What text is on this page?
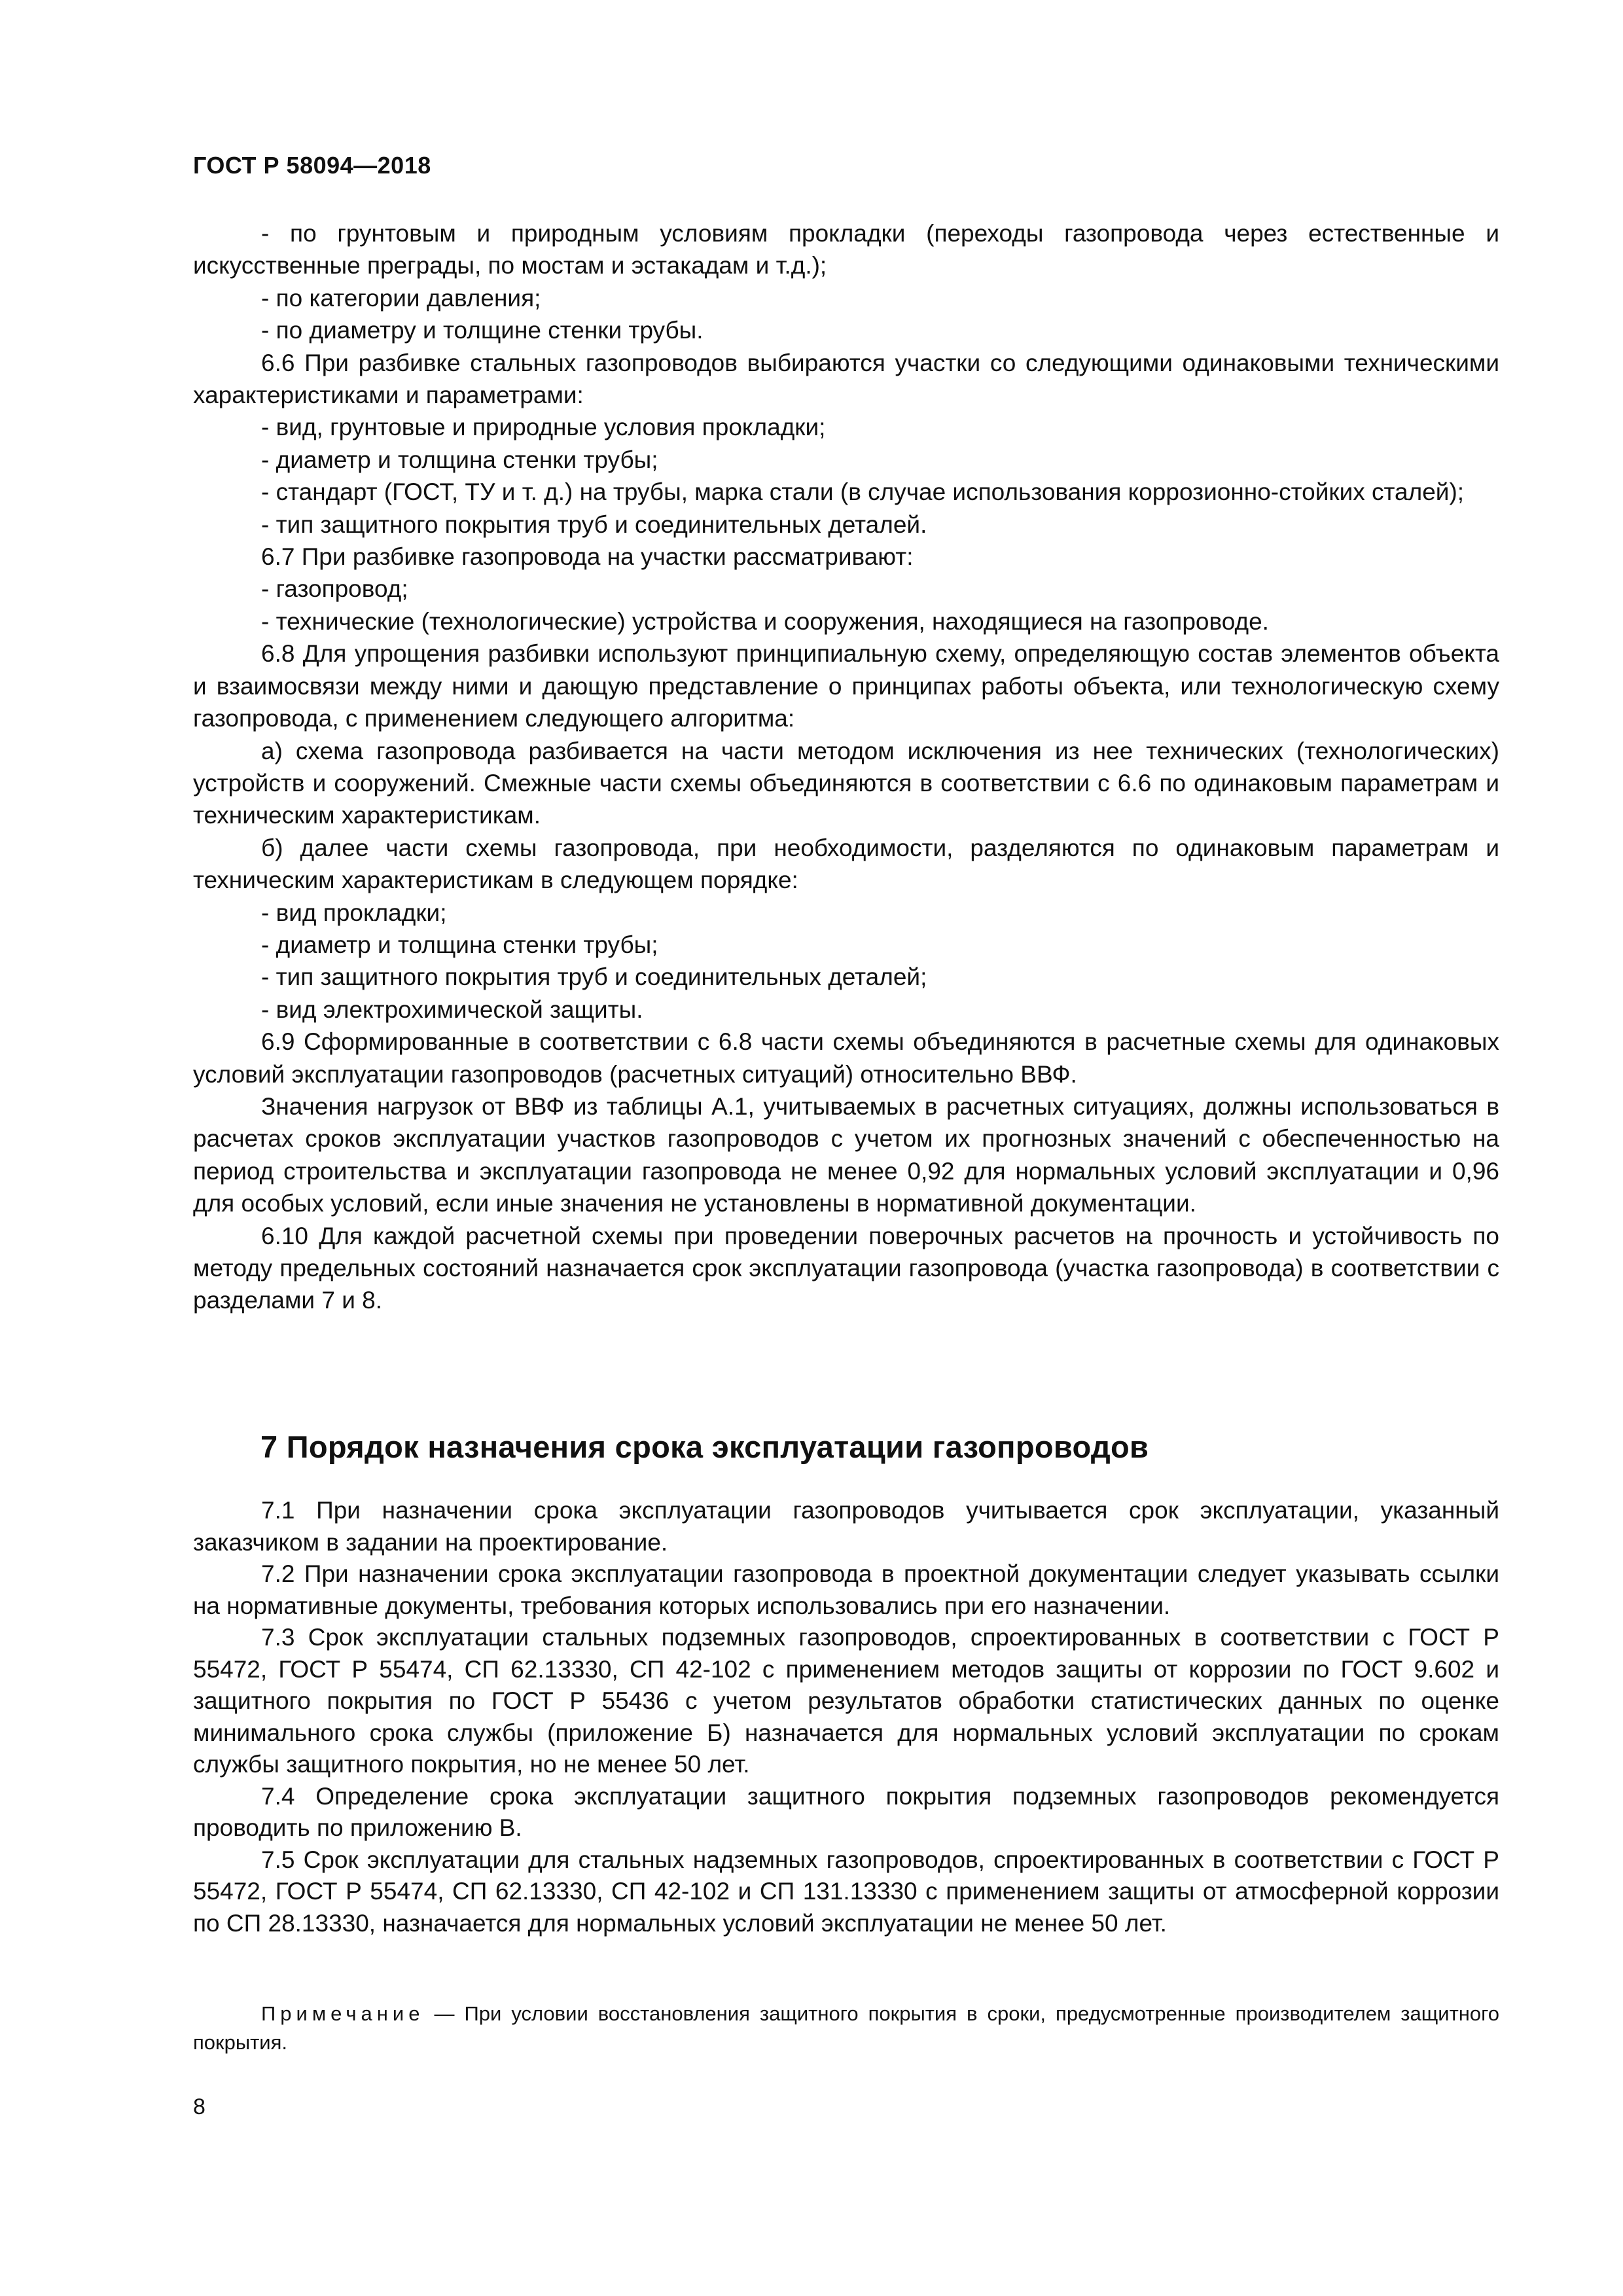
ГОСТ Р 58094—2018

- по грунтовым и природным условиям прокладки (переходы газопровода через естественные и искусственные преграды, по мостам и эстакадам и т.д.);

- по категории давления;

- по диаметру и толщине стенки трубы.

6.6 При разбивке стальных газопроводов выбираются участки со следующими одинаковыми техническими характеристиками и параметрами:

- вид, грунтовые и природные условия прокладки;

- диаметр и толщина стенки трубы;

- стандарт (ГОСТ, ТУ и т. д.) на трубы, марка стали (в случае использования коррозионно-стойких сталей);

- тип защитного покрытия труб и соединительных деталей.

6.7 При разбивке газопровода на участки рассматривают:

- газопровод;

- технические (технологические) устройства и сооружения, находящиеся на газопроводе.

6.8 Для упрощения разбивки используют принципиальную схему, определяющую состав элементов объекта и взаимосвязи между ними и дающую представление о принципах работы объекта, или технологическую схему газопровода, с применением следующего алгоритма:

а) схема газопровода разбивается на части методом исключения из нее технических (технологических) устройств и сооружений. Смежные части схемы объединяются в соответствии с 6.6 по одинаковым параметрам и техническим характеристикам.

б) далее части схемы газопровода, при необходимости, разделяются по одинаковым параметрам и техническим характеристикам в следующем порядке:

- вид прокладки;

- диаметр и толщина стенки трубы;

- тип защитного покрытия труб и соединительных деталей;

- вид электрохимической защиты.

6.9 Сформированные в соответствии с 6.8 части схемы объединяются в расчетные схемы для одинаковых условий эксплуатации газопроводов (расчетных ситуаций) относительно ВВФ.

Значения нагрузок от ВВФ из таблицы А.1, учитываемых в расчетных ситуациях, должны использоваться в расчетах сроков эксплуатации участков газопроводов с учетом их прогнозных значений с обеспеченностью на период строительства и эксплуатации газопровода не менее 0,92 для нормальных условий эксплуатации и 0,96 для особых условий, если иные значения не установлены в нормативной документации.

6.10 Для каждой расчетной схемы при проведении поверочных расчетов на прочность и устойчивость по методу предельных состояний назначается срок эксплуатации газопровода (участка газопровода) в соответствии с разделами 7 и 8.

7 Порядок назначения срока эксплуатации газопроводов

7.1 При назначении срока эксплуатации газопроводов учитывается срок эксплуатации, указанный заказчиком в задании на проектирование.

7.2 При назначении срока эксплуатации газопровода в проектной документации следует указывать ссылки на нормативные документы, требования которых использовались при его назначении.

7.3 Срок эксплуатации стальных подземных газопроводов, спроектированных в соответствии с ГОСТ Р 55472, ГОСТ Р 55474, СП 62.13330, СП 42-102 с применением методов защиты от коррозии по ГОСТ 9.602 и защитного покрытия по ГОСТ Р 55436 с учетом результатов обработки статистических данных по оценке минимального срока службы (приложение Б) назначается для нормальных условий эксплуатации по срокам службы защитного покрытия, но не менее 50 лет.

7.4 Определение срока эксплуатации защитного покрытия подземных газопроводов рекомендуется проводить по приложению В.

7.5 Срок эксплуатации для стальных надземных газопроводов, спроектированных в соответствии с ГОСТ Р 55472, ГОСТ Р 55474, СП 62.13330, СП 42-102 и СП 131.13330 с применением защиты от атмосферной коррозии по СП 28.13330, назначается для нормальных условий эксплуатации не менее 50 лет.

Примечание — При условии восстановления защитного покрытия в сроки, предусмотренные производителем защитного покрытия.

8
